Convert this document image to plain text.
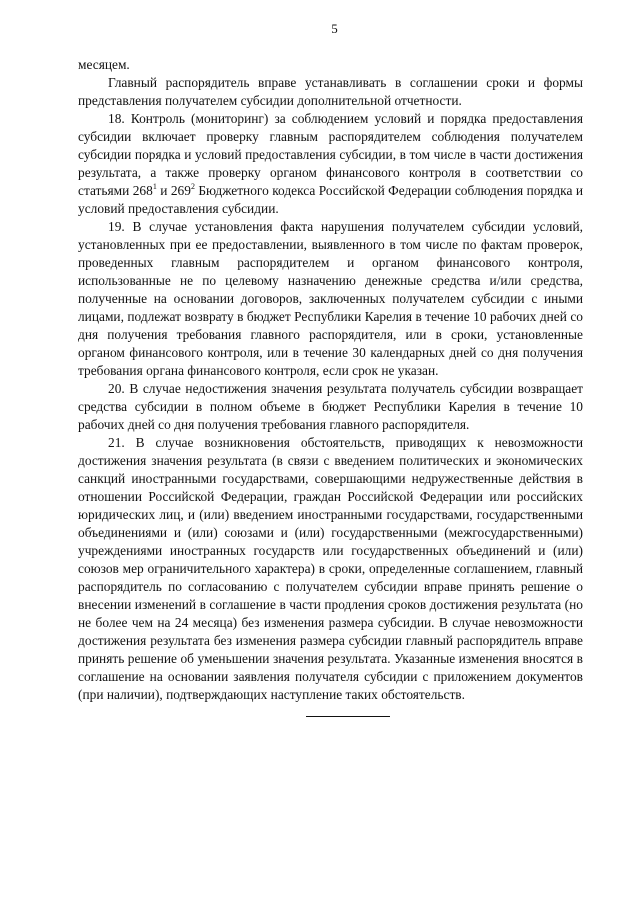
5

месяцем.

Главный распорядитель вправе устанавливать в соглашении сроки и формы представления получателем субсидии дополнительной отчетности.

18. Контроль (мониторинг) за соблюдением условий и порядка предоставления субсидии включает проверку главным распорядителем соблюдения получателем субсидии порядка и условий предоставления субсидии, в том числе в части достижения результата, а также проверку органом финансового контроля в соответствии со статьями $268^1$ и $269^2$ Бюджетного кодекса Российской Федерации соблюдения порядка и условий предоставления субсидии.

19. В случае установления факта нарушения получателем субсидии условий, установленных при ее предоставлении, выявленного в том числе по фактам проверок, проведенных главным распорядителем и органом финансового контроля, использованные не по целевому назначению денежные средства и/или средства, полученные на основании договоров, заключенных получателем субсидии с иными лицами, подлежат возврату в бюджет Республики Карелия в течение 10 рабочих дней со дня получения требования главного распорядителя, или в сроки, установленные органом финансового контроля, или в течение 30 календарных дней со дня получения требования органа финансового контроля, если срок не указан.

20. В случае недостижения значения результата получатель субсидии возвращает средства субсидии в полном объеме в бюджет Республики Карелия в течение 10 рабочих дней со дня получения требования главного распорядителя.

21. В случае возникновения обстоятельств, приводящих к невозможности достижения значения результата (в связи с введением политических и экономических санкций иностранными государствами, совершающими недружественные действия в отношении Российской Федерации, граждан Российской Федерации или российских юридических лиц, и (или) введением иностранными государствами, государственными объединениями и (или) союзами и (или) государственными (межгосударственными) учреждениями иностранных государств или государственных объединений и (или) союзов мер ограничительного характера) в сроки, определенные соглашением, главный распорядитель по согласованию с получателем субсидии вправе принять решение о внесении изменений в соглашение в части продления сроков достижения результата (но не более чем на 24 месяца) без изменения размера субсидии. В случае невозможности достижения результата без изменения размера субсидии главный распорядитель вправе принять решение об уменьшении значения результата. Указанные изменения вносятся в соглашение на основании заявления получателя субсидии с приложением документов (при наличии), подтверждающих наступление таких обстоятельств.
